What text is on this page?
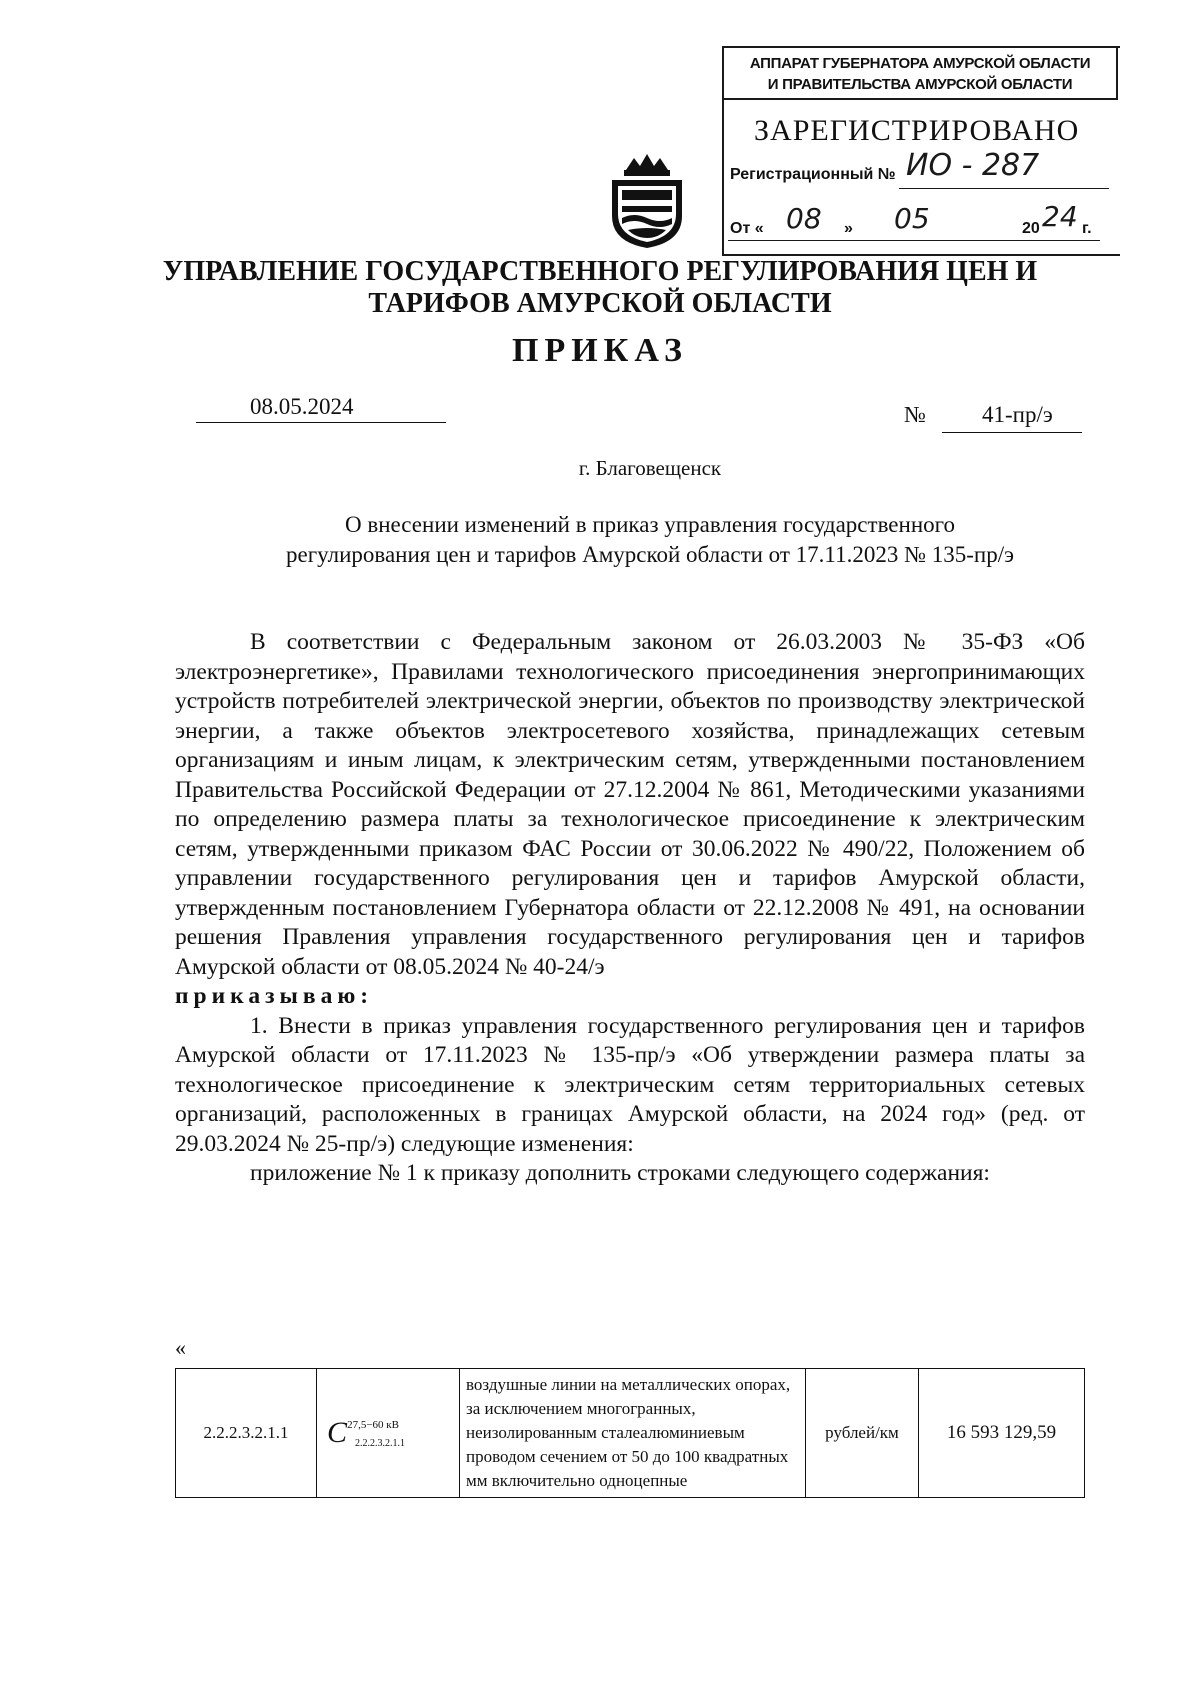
АППАРАТ ГУБЕРНАТОРА АМУРСКОЙ ОБЛАСТИ
И ПРАВИТЕЛЬСТВА АМУРСКОЙ ОБЛАСТИ
ЗАРЕГИСТРИРОВАНО
Регистрационный № ИО - 287
От « 08 » 05	20 24 г.
УПРАВЛЕНИЕ ГОСУДАРСТВЕННОГО РЕГУЛИРОВАНИЯ ЦЕН И
ТАРИФОВ АМУРСКОЙ ОБЛАСТИ
ПРИКАЗ
08.05.2024	№ 41-пр/э
г. Благовещенск
О внесении изменений в приказ управления государственного
регулирования цен и тарифов Амурской области от 17.11.2023 № 135-пр/э

В соответствии с Федеральным законом от 26.03.2003 № 35-ФЗ «Об электроэнергетике», Правилами технологического присоединения энергопринимающих устройств потребителей электрической энергии, объектов по производству электрической энергии, а также объектов электросетевого хозяйства, принадлежащих сетевым организациям и иным лицам, к электрическим сетям, утвержденными постановлением Правительства Российской Федерации от 27.12.2004 № 861, Методическими указаниями по определению размера платы за технологическое присоединение к электрическим сетям, утвержденными приказом ФАС России от 30.06.2022 № 490/22, Положением об управлении государственного регулирования цен и тарифов Амурской области, утвержденным постановлением Губернатора области от 22.12.2008 № 491, на основании решения Правления управления государственного регулирования цен и тарифов Амурской области от 08.05.2024 № 40-24/э

приказываю:

1. Внести в приказ управления государственного регулирования цен и тарифов Амурской области от 17.11.2023 № 135-пр/э «Об утверждении размера платы за технологическое присоединение к электрическим сетям территориальных сетевых организаций, расположенных в границах Амурской области, на 2024 год» (ред. от 29.03.2024 № 25-пр/э) следующие изменения:

приложение № 1 к приказу дополнить строками следующего содержания:

«
2.2.2.3.2.1.1	$C^{27,5-60 кВ}_{2.2.2.3.2.1.1}$	воздушные линии на металлических опорах, за исключением многогранных, неизолированным сталеалюминиевым проводом сечением от 50 до 100 квадратных мм включительно одноцепные	рублей/км	16 593 129,59
